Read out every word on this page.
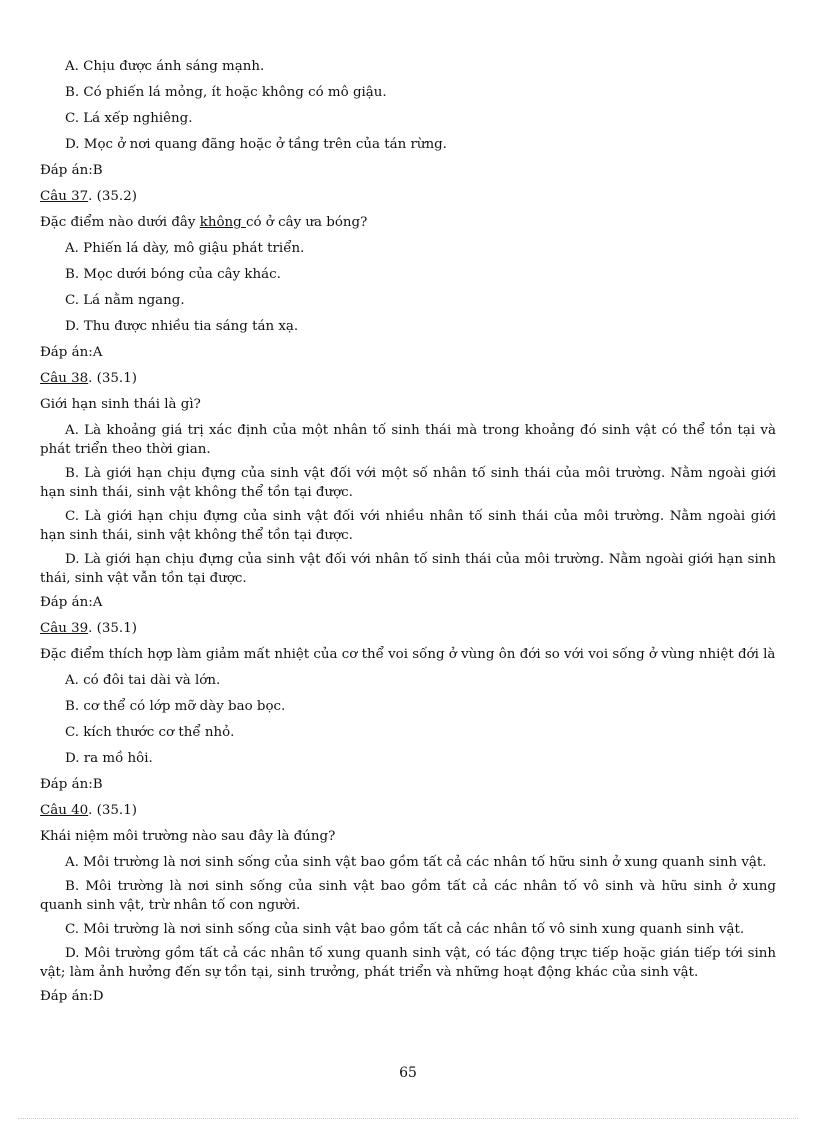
A. Chịu được ánh sáng mạnh.
B. Có phiến lá mỏng, ít hoặc không có mô giậu.
C. Lá xếp nghiêng.
D. Mọc ở nơi quang đãng hoặc ở tầng trên của tán rừng.
Đáp án:B
Câu 37. (35.2)
Đặc điểm nào dưới đây không có ở cây ưa bóng?
A. Phiến lá dày, mô giậu phát triển.
B. Mọc dưới bóng của cây khác.
C. Lá nằm ngang.
D. Thu được nhiều tia sáng tán xạ.
Đáp án:A
Câu 38. (35.1)
Giới hạn sinh thái là gì?
A. Là khoảng giá trị xác định của một nhân tố sinh thái mà trong khoảng đó sinh vật có thể tồn tại và phát triển theo thời gian.
B. Là giới hạn chịu đựng của sinh vật đối với một số nhân tố sinh thái của môi trường. Nằm ngoài giới hạn sinh thái, sinh vật không thể tồn tại được.
C. Là giới hạn chịu đựng của sinh vật đối với nhiều nhân tố sinh thái của môi trường. Nằm ngoài giới hạn sinh thái, sinh vật không thể tồn tại được.
D. Là giới hạn chịu đựng của sinh vật đối với nhân tố sinh thái của môi trường. Nằm ngoài giới hạn sinh thái, sinh vật vẫn tồn tại được.
Đáp án:A
Câu 39. (35.1)
Đặc điểm thích hợp làm giảm mất nhiệt của cơ thể voi sống ở vùng ôn đới so với voi sống ở vùng nhiệt đới là
A. có đôi tai dài và lớn.
B. cơ thể có lớp mỡ dày bao bọc.
C. kích thước cơ thể nhỏ.
D. ra mồ hôi.
Đáp án:B
Câu 40. (35.1)
Khái niệm môi trường nào sau đây là đúng?
A. Môi trường là nơi sinh sống của sinh vật bao gồm tất cả các nhân tố hữu sinh ở xung quanh sinh vật.
B. Môi trường là nơi sinh sống của sinh vật bao gồm tất cả các nhân tố vô sinh và hữu sinh ở xung quanh sinh vật, trừ nhân tố con người.
C. Môi trường là nơi sinh sống của sinh vật bao gồm tất cả các nhân tố vô sinh xung quanh sinh vật.
D. Môi trường gồm tất cả các nhân tố xung quanh sinh vật, có tác động trực tiếp hoặc gián tiếp tới sinh vật; làm ảnh hưởng đến sự tồn tại, sinh trưởng, phát triển và những hoạt động khác của sinh vật.
Đáp án:D
65
